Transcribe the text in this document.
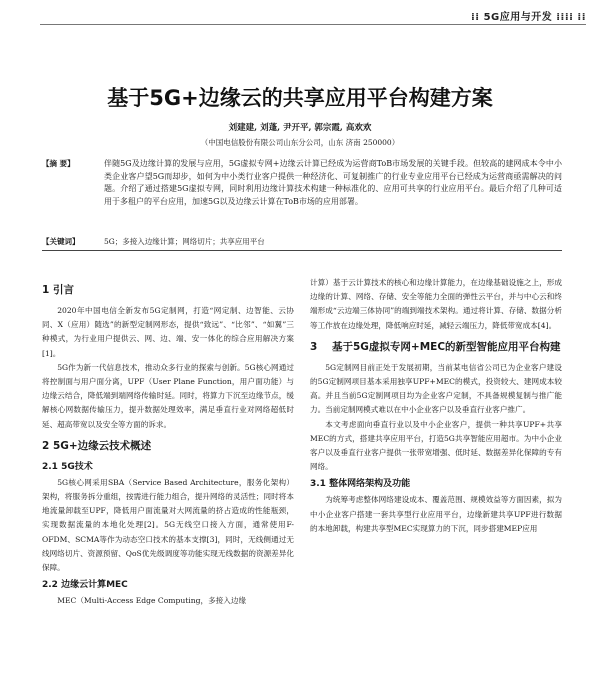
⁞⁞ 5G应用与开发 ⁞⁞⁞⁞ ⁞⁞
基于5G+边缘云的共享应用平台构建方案
刘建建, 刘蓬, 尹开平, 郭宗霞, 高欢欢
（中国电信股份有限公司山东分公司，山东 济南 250000）
【摘 要】	伴随5G及边缘计算的发展与应用，5G虚拟专网+边缘云计算已经成为运营商ToB市场发展的关键手段。但较高的建网成本令中小类企业客户望5G而却步，如何为中小类行业客户提供一种经济化、可复制推广的行业专业应用平台已经成为运营商亟需解决的问题。介绍了通过搭建5G虚拟专网，同时利用边缘计算技术构建一种标准化的、应用可共享的行业应用平台。最后介绍了几种可适用于多租户的平台应用，加速5G以及边缘云计算在ToB市场的应用部署。
【关键词】	5G；多接入边缘计算；网络切片；共享应用平台
1 引言

2020年中国电信全新发布5G定制网，打造“网定制、边智能、云协同、X（应用）随选”的新型定制网形态，提供“致远”、“比邻”、“如翼”三种模式，为行业用户提供云、网、边、端、安一体化的综合应用解决方案[1]。

5G作为新一代信息技术，推动众多行业的探索与创新。5G核心网通过将控制面与用户面分离，UPF（User Plane Function，用户面功能）与边缘云结合，降低端到端网络传输时延。同时，将算力下沉至边缘节点，缓解核心网数据传输压力，提升数据处理效率，满足垂直行业对网络超低时延、超高带宽以及安全等方面的诉求。

2 5G+边缘云技术概述
2.1 5G技术

5G核心网采用SBA（Service Based Architecture，服务化架构）架构，将服务拆分重组，按需进行能力组合，提升网络的灵活性；同时将本地流量卸载至UPF，降低用户面流量对大网流量的挤占造成的性能瓶颈，实现数据流量的本地化处理[2]。5G无线空口接入方面，通常使用F-OFDM、SCMA等作为动态空口技术的基本支撑[3]，同时，无线侧通过无线网络切片、资源预留、QoS优先级调度等功能实现无线数据的资源差异化保障。

2.2 边缘云计算MEC

MEC（Multi-Access Edge Computing，多接入边缘

计算）基于云计算技术的核心和边缘计算能力，在边缘基础设施之上，形成边缘的计算、网络、存储、安全等能力全面的弹性云平台，并与中心云和终端形成“云边端三体协同”的端到端技术架构。通过将计算、存储、数据分析等工作放在边缘处理，降低响应时延，减轻云端压力，降低带宽成本[4]。

3	基于5G虚拟专网+MEC的新型智能应用平台构建

5G定制网目前正处于发展初期，当前某电信省公司已为企业客户建设的5G定制网项目基本采用独享UPF+MEC的模式，投资较大、建网成本较高。并且当前5G定制网项目均为企业客户定制，不具备规模复制与推广能力。当前定制网模式难以在中小企业客户以及垂直行业客户推广。

本文考虑面向垂直行业以及中小企业客户，提供一种共享UPF+共享MEC的方式，搭建共享应用平台，打造5G共享智能应用超市。为中小企业客户以及垂直行业客户提供一张带宽增强、低时延、数据差异化保障的专有网络。

3.1 整体网络架构及功能

为统筹考虑整体网络建设成本、覆盖范围、规模效益等方面因素，拟为中小企业客户搭建一套共享型行业应用平台，边缘新建共享UPF进行数据的本地卸载，构建共享型MEC实现算力的下沉，同步搭建MEP应用
